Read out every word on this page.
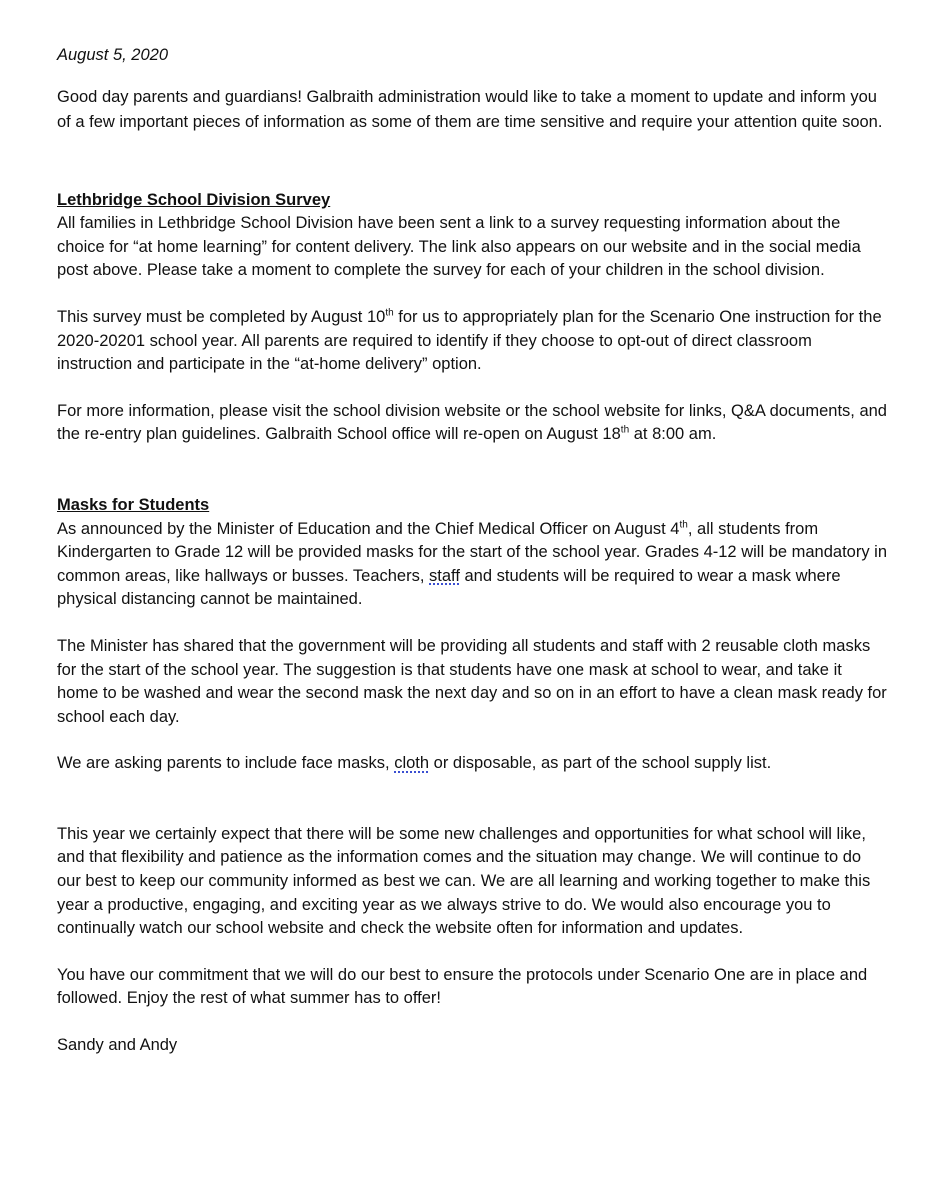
August 5, 2020

Good day parents and guardians! Galbraith administration would like to take a moment to update and inform you of a few important pieces of information as some of them are time sensitive and require your attention quite soon.

Lethbridge School Division Survey

All families in Lethbridge School Division have been sent a link to a survey requesting information about the choice for “at home learning” for content delivery. The link also appears on our website and in the social media post above. Please take a moment to complete the survey for each of your children in the school division.

This survey must be completed by August 10th for us to appropriately plan for the Scenario One instruction for the 2020-20201 school year. All parents are required to identify if they choose to opt-out of direct classroom instruction and participate in the “at-home delivery” option.

For more information, please visit the school division website or the school website for links, Q&A documents, and the re-entry plan guidelines. Galbraith School office will re-open on August 18th at 8:00 am.

Masks for Students

As announced by the Minister of Education and the Chief Medical Officer on August 4th, all students from Kindergarten to Grade 12 will be provided masks for the start of the school year. Grades 4-12 will be mandatory in common areas, like hallways or busses. Teachers, staff and students will be required to wear a mask where physical distancing cannot be maintained.

The Minister has shared that the government will be providing all students and staff with 2 reusable cloth masks for the start of the school year. The suggestion is that students have one mask at school to wear, and take it home to be washed and wear the second mask the next day and so on in an effort to have a clean mask ready for school each day.

We are asking parents to include face masks, cloth or disposable, as part of the school supply list.

This year we certainly expect that there will be some new challenges and opportunities for what school will like, and that flexibility and patience as the information comes and the situation may change. We will continue to do our best to keep our community informed as best we can. We are all learning and working together to make this year a productive, engaging, and exciting year as we always strive to do. We would also encourage you to continually watch our school website and check the website often for information and updates.

You have our commitment that we will do our best to ensure the protocols under Scenario One are in place and followed. Enjoy the rest of what summer has to offer!

Sandy and Andy
